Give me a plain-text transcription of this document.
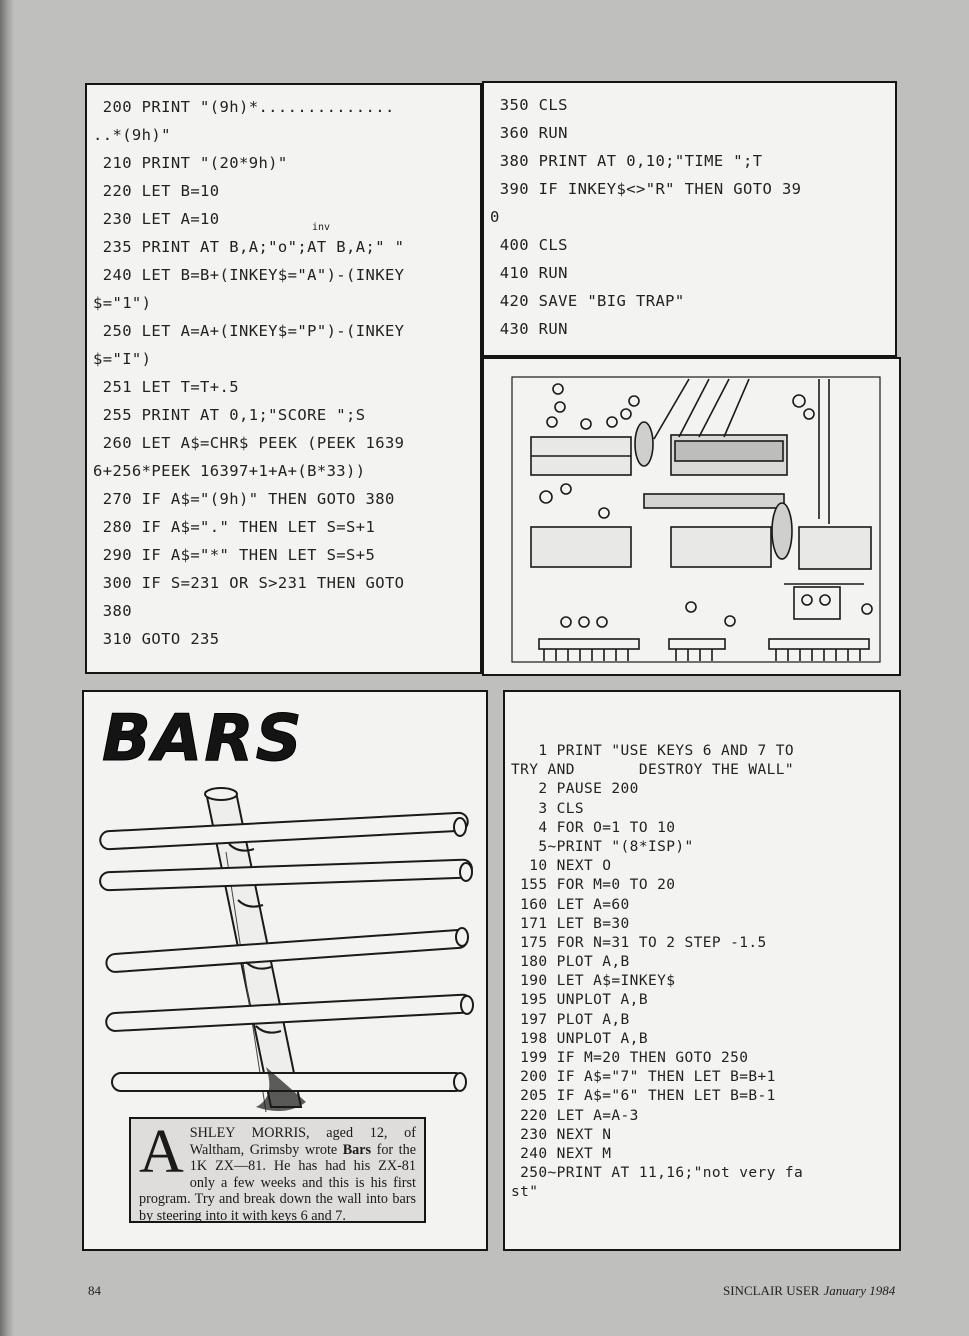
200 PRINT "(9h)*..............
..*(9h)"
210 PRINT "(20*9h)"
220 LET B=10
230 LET A=10
235 PRINT AT B,A;"o";AT B,A;" "
240 LET B=B+(INKEY$="A")-(INKEY
$="1")
250 LET A=A+(INKEY$="P")-(INKEY
$="I")
251 LET T=T+.5
255 PRINT AT 0,1;"SCORE ";S
260 LET A$=CHR$ PEEK (PEEK 1639
6+256*PEEK 16397+1+A+(B*33))
270 IF A$="(9h)" THEN GOTO 380
280 IF A$="." THEN LET S=S+1
290 IF A$="*" THEN LET S=S+5
300 IF S=231 OR S>231 THEN GOTO
380
310 GOTO 235
inv
350 CLS
360 RUN
380 PRINT AT 0,10;"TIME ";T
390 IF INKEY$<>"R" THEN GOTO 39
0
400 CLS
410 RUN
420 SAVE "BIG TRAP"
430 RUN
BARS
ASHLEY MORRIS, aged 12, of Waltham, Grimsby wrote Bars for the 1K ZX—81. He has had his ZX-81 only a few weeks and this is his first program. Try and break down the wall into bars by steering into it with keys 6 and 7.
1 PRINT "USE KEYS 6 AND 7 TO
TRY AND       DESTROY THE WALL"
2 PAUSE 200
3 CLS
4 FOR O=1 TO 10
5~PRINT "(8*ISP)"
10 NEXT O
155 FOR M=0 TO 20
160 LET A=60
171 LET B=30
175 FOR N=31 TO 2 STEP -1.5
180 PLOT A,B
190 LET A$=INKEY$
195 UNPLOT A,B
197 PLOT A,B
198 UNPLOT A,B
199 IF M=20 THEN GOTO 250
200 IF A$="7" THEN LET B=B+1
205 IF A$="6" THEN LET B=B-1
220 LET A=A-3
230 NEXT N
240 NEXT M
250~PRINT AT 11,16;"not very fa
st"
84	SINCLAIR USER January 1984
